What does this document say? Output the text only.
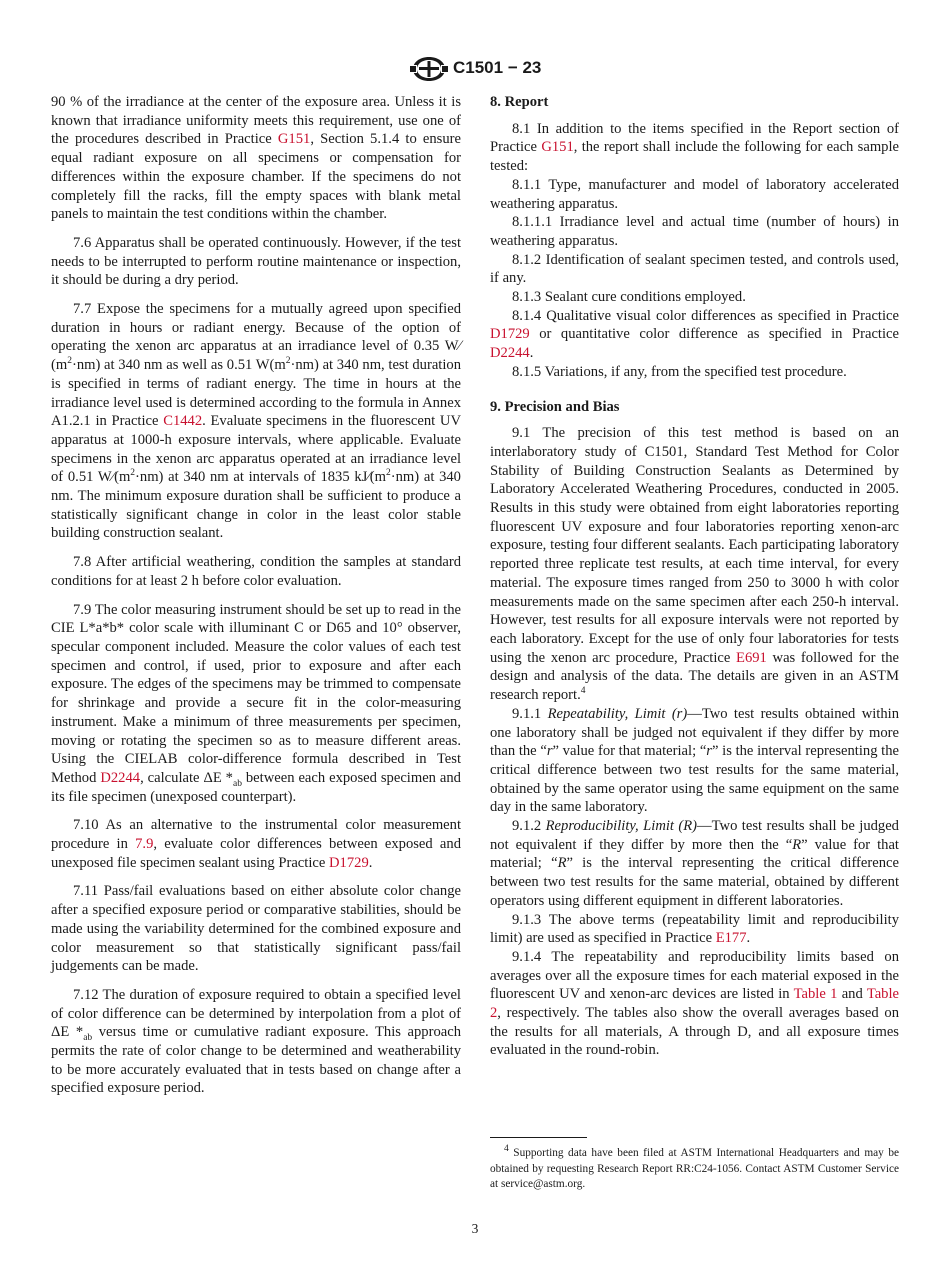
C1501 − 23

90 % of the irradiance at the center of the exposure area. Unless it is known that irradiance uniformity meets this requirement, use one of the procedures described in Practice G151, Section 5.1.4 to ensure equal radiant exposure on all specimens or compensation for differences within the exposure chamber. If the specimens do not completely fill the racks, fill the empty spaces with blank metal panels to maintain the test conditions within the chamber.

7.6 Apparatus shall be operated continuously. However, if the test needs to be interrupted to perform routine maintenance or inspection, it should be during a dry period.

7.7 Expose the specimens for a mutually agreed upon specified duration in hours or radiant energy. Because of the option of operating the xenon arc apparatus at an irradiance level of 0.35 $W⁄(m^2\cdot nm)$ at 340 nm as well as 0.51 $W(m^2\cdot nm)$ at 340 nm, test duration is specified in terms of radiant energy. The time in hours at the irradiance level used is determined according to the formula in Annex A1.2.1 in Practice C1442. Evaluate specimens in the fluorescent UV apparatus at 1000-h exposure intervals, where applicable. Evaluate specimens in the xenon arc apparatus operated at an irradiance level of 0.51 $W⁄(m^2\cdot nm)$ at 340 nm at intervals of 1835 $kJ⁄(m^2\cdot nm)$ at 340 nm. The minimum exposure duration shall be sufficient to produce a statistically significant change in color in the least color stable building construction sealant.

7.8 After artificial weathering, condition the samples at standard conditions for at least 2 h before color evaluation.

7.9 The color measuring instrument should be set up to read in the CIE L*a*b* color scale with illuminant C or D65 and 10° observer, specular component included. Measure the color values of each test specimen and control, if used, prior to exposure and after each exposure. The edges of the specimens may be trimmed to compensate for shrinkage and provide a secure fit in the color-measuring instrument. Make a minimum of three measurements per specimen, moving or rotating the specimen so as to measure different areas. Using the CIELAB color-difference formula described in Test Method D2244, calculate ΔE $*_{ab}$ between each exposed specimen and its file specimen (unexposed counterpart).

7.10 As an alternative to the instrumental color measurement procedure in 7.9, evaluate color differences between exposed and unexposed file specimen sealant using Practice D1729.

7.11 Pass/fail evaluations based on either absolute color change after a specified exposure period or comparative stabilities, should be made using the variability determined for the combined exposure and color measurement so that statistically significant pass/fail judgements can be made.

7.12 The duration of exposure required to obtain a specified level of color difference can be determined by interpolation from a plot of ΔE $*_{ab}$ versus time or cumulative radiant exposure. This approach permits the rate of color change to be determined and weatherability to be more accurately evaluated that in tests based on change after a specified exposure period.

8. Report

8.1 In addition to the items specified in the Report section of Practice G151, the report shall include the following for each sample tested:

8.1.1 Type, manufacturer and model of laboratory accelerated weathering apparatus.

8.1.1.1 Irradiance level and actual time (number of hours) in weathering apparatus.

8.1.2 Identification of sealant specimen tested, and controls used, if any.

8.1.3 Sealant cure conditions employed.

8.1.4 Qualitative visual color differences as specified in Practice D1729 or quantitative color difference as specified in Practice D2244.

8.1.5 Variations, if any, from the specified test procedure.

9. Precision and Bias

9.1 The precision of this test method is based on an interlaboratory study of C1501, Standard Test Method for Color Stability of Building Construction Sealants as Determined by Laboratory Accelerated Weathering Procedures, conducted in 2005. Results in this study were obtained from eight laboratories reporting fluorescent UV exposure and four laboratories reporting xenon-arc exposure, testing four different sealants. Each participating laboratory reported three replicate test results, at each time interval, for every material. The exposure times ranged from 250 to 3000 h with color measurements made on the same specimen after each 250-h interval. However, test results for all exposure intervals were not reported by each laboratory. Except for the use of only four laboratories for tests using the xenon arc procedure, Practice E691 was followed for the design and analysis of the data. The details are given in an ASTM research report.$^4$

9.1.1 Repeatability, Limit (r)—Two test results obtained within one laboratory shall be judged not equivalent if they differ by more than the “r” value for that material; “r” is the interval representing the critical difference between two test results for the same material, obtained by the same operator using the same equipment on the same day in the same laboratory.

9.1.2 Reproducibility, Limit (R)—Two test results shall be judged not equivalent if they differ by more then the “R” value for that material; “R” is the interval representing the critical difference between two test results for the same material, obtained by different operators using different equipment in different laboratories.

9.1.3 The above terms (repeatability limit and reproducibility limit) are used as specified in Practice E177.

9.1.4 The repeatability and reproducibility limits based on averages over all the exposure times for each material exposed in the fluorescent UV and xenon-arc devices are listed in Table 1 and Table 2, respectively. The tables also show the overall averages based on the results for all materials, A through D, and all exposure times evaluated in the round-robin.

$^4$ Supporting data have been filed at ASTM International Headquarters and may be obtained by requesting Research Report RR:C24-1056. Contact ASTM Customer Service at service@astm.org.
3
